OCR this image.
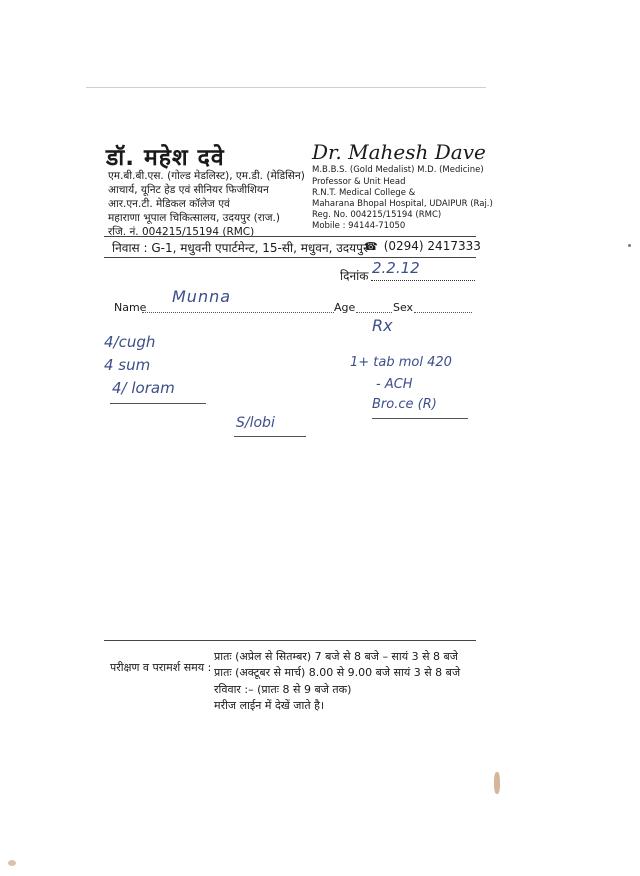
डॉ. महेश दवे
एम.बी.बी.एस. (गोल्ड मेडलिस्ट), एम.डी. (मेडिसिन)
आचार्य, यूनिट हेड एवं सीनियर फिजीशियन
आर.एन.टी. मेडिकल कॉलेज एवं
महाराणा भूपाल चिकित्सालय, उदयपुर (राज.)
रजि. नं. 004215/15194 (RMC)
Dr. Mahesh Dave
M.B.B.S. (Gold Medalist) M.D. (Medicine)
Professor & Unit Head
R.N.T. Medical College &
Maharana Bhopal Hospital, UDAIPUR (Raj.)
Reg. No. 004215/15194 (RMC)
Mobile : 94144-71050
निवास : G-1, मधुवनी एपार्टमेन्ट, 15-सी, मधुवन, उदयपुर
☎ (0294) 2417333
दिनांक 2.2.12
Name
Munna
Age	Sex
4/cugh
4 sum
4/ loram
S/lobi
Rx
1+ tab mol 420
- ACH
Bro.ce (R)
परीक्षण व परामर्श समय :
प्रातः (अप्रेल से सितम्बर) 7 बजे से 8 बजे – सायं 3 से 8 बजे
प्रातः (अक्टूबर से मार्च) 8.00 से 9.00 बजे सायं 3 से 8 बजे
रविवार :– (प्रातः 8 से 9 बजे तक)
मरीज लाईन में देखें जाते है।
